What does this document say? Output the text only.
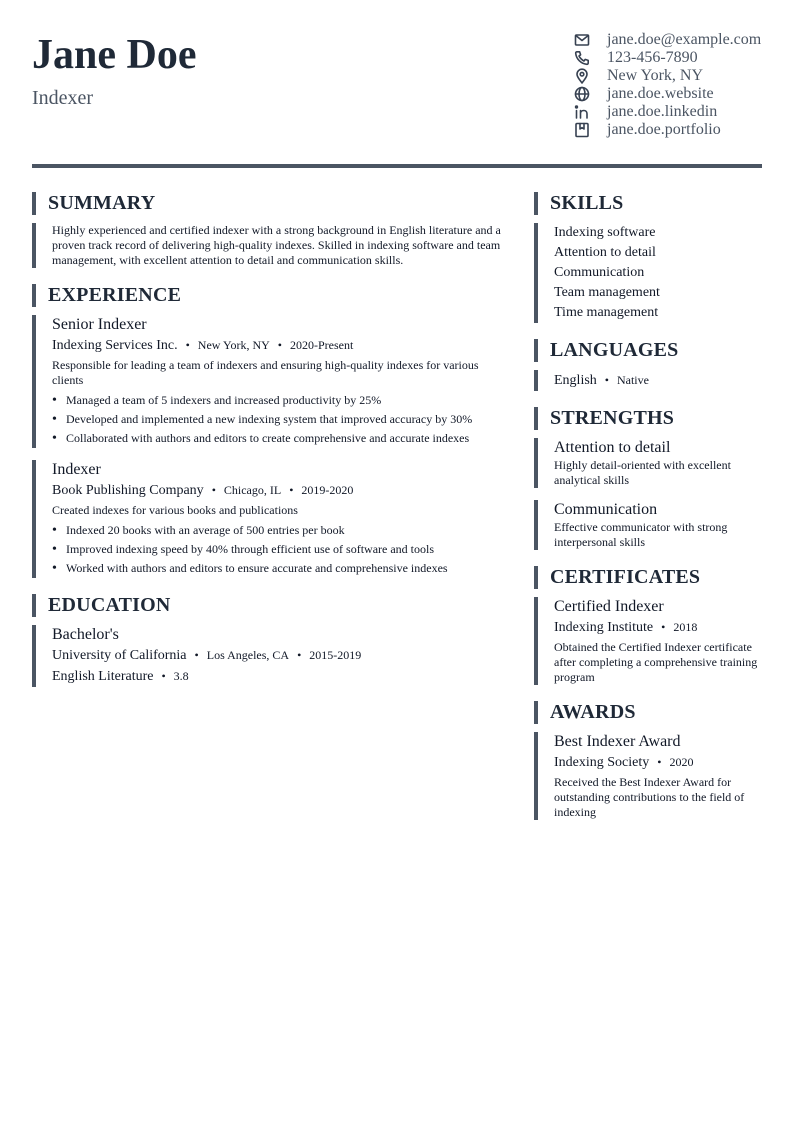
Jane Doe
Indexer
jane.doe@example.com
123-456-7890
New York, NY
jane.doe.website
jane.doe.linkedin
jane.doe.portfolio
SUMMARY
Highly experienced and certified indexer with a strong background in English literature and a proven track record of delivering high-quality indexes. Skilled in indexing software and team management, with excellent attention to detail and communication skills.
EXPERIENCE
Senior Indexer
Indexing Services Inc. • New York, NY • 2020-Present
Responsible for leading a team of indexers and ensuring high-quality indexes for various clients
• Managed a team of 5 indexers and increased productivity by 25%
• Developed and implemented a new indexing system that improved accuracy by 30%
• Collaborated with authors and editors to create comprehensive and accurate indexes
Indexer
Book Publishing Company • Chicago, IL • 2019-2020
Created indexes for various books and publications
• Indexed 20 books with an average of 500 entries per book
• Improved indexing speed by 40% through efficient use of software and tools
• Worked with authors and editors to ensure accurate and comprehensive indexes
EDUCATION
Bachelor's
University of California • Los Angeles, CA • 2015-2019
English Literature • 3.8
SKILLS
Indexing software
Attention to detail
Communication
Team management
Time management
LANGUAGES
English • Native
STRENGTHS
Attention to detail
Highly detail-oriented with excellent analytical skills
Communication
Effective communicator with strong interpersonal skills
CERTIFICATES
Certified Indexer
Indexing Institute • 2018
Obtained the Certified Indexer certificate after completing a comprehensive training program
AWARDS
Best Indexer Award
Indexing Society • 2020
Received the Best Indexer Award for outstanding contributions to the field of indexing
